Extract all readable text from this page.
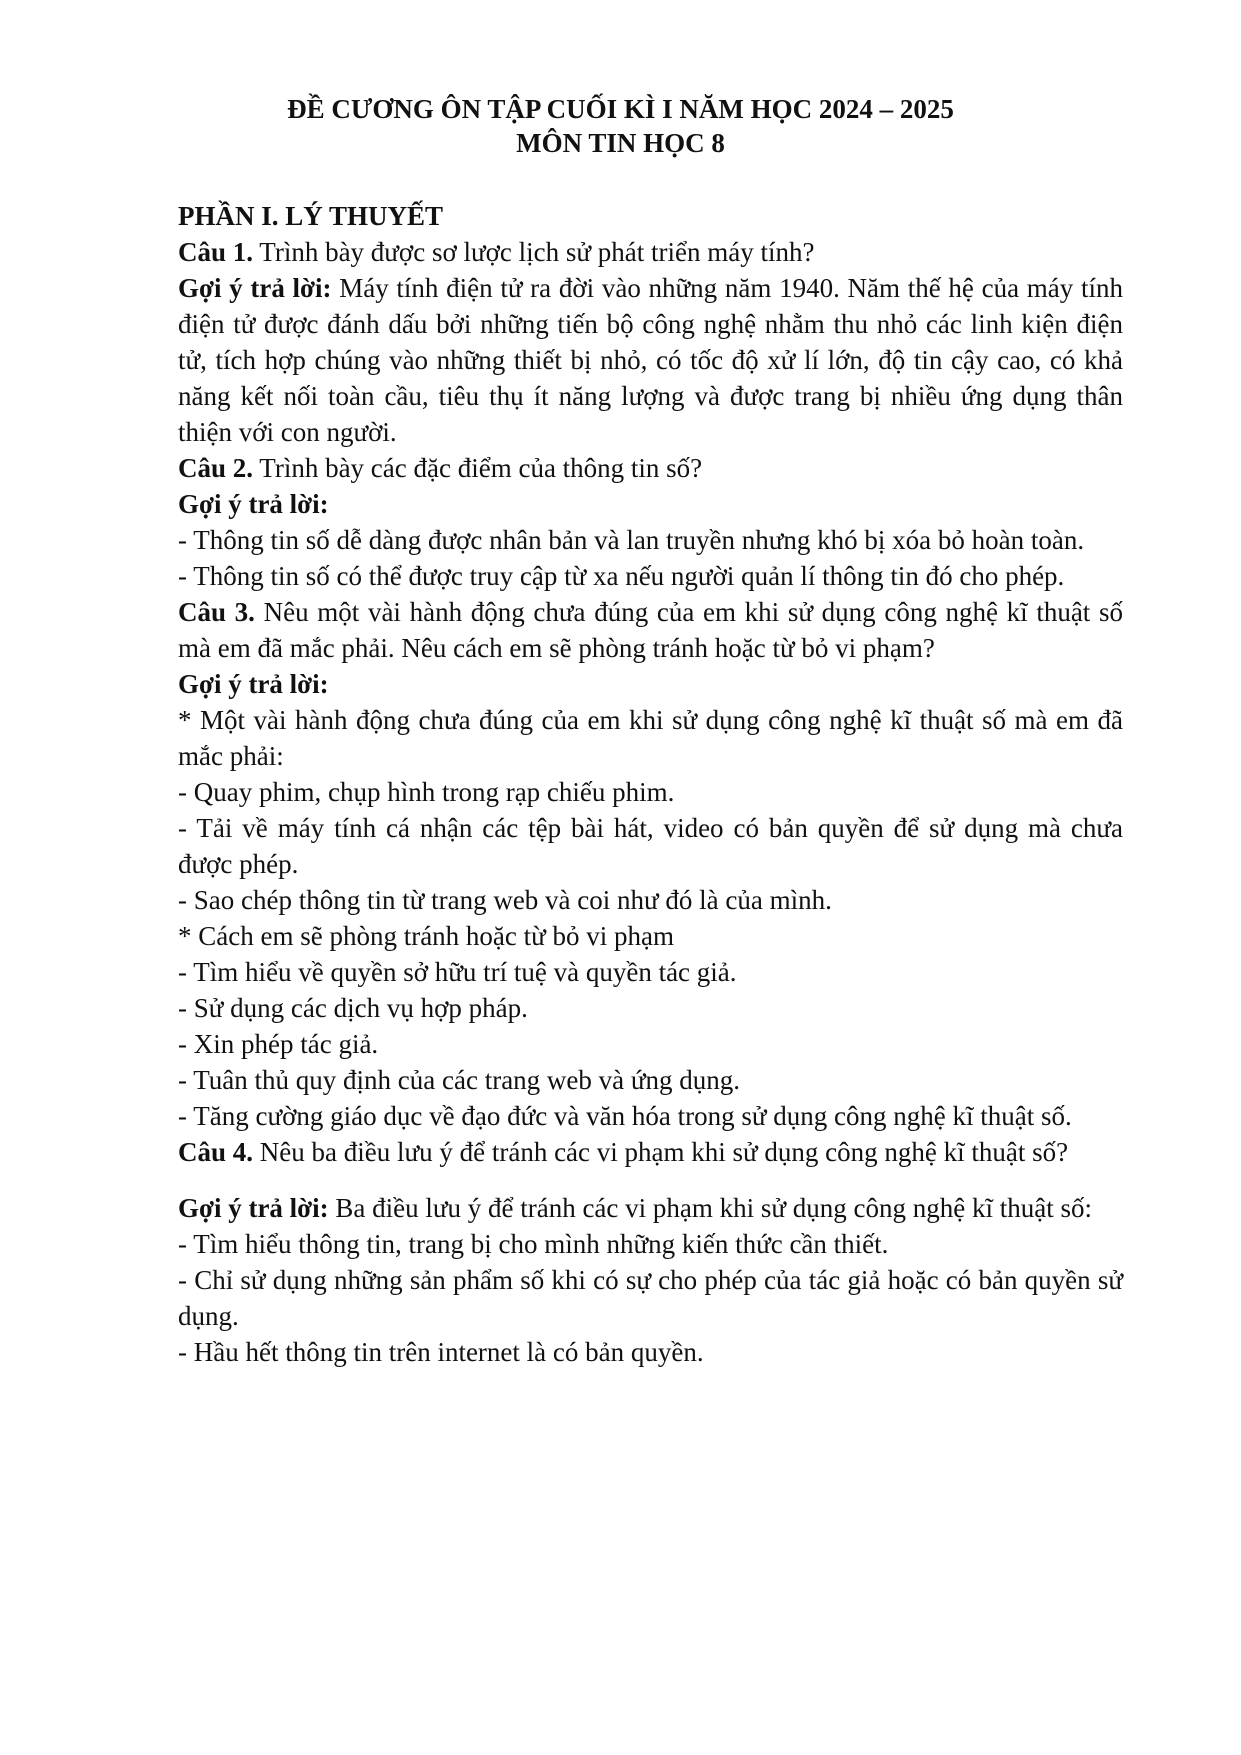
ĐỀ CƯƠNG ÔN TẬP CUỐI KÌ I NĂM HỌC 2024 – 2025

MÔN TIN HỌC 8

PHẦN I. LÝ THUYẾT

Câu 1. Trình bày được sơ lược lịch sử phát triển máy tính?

Gợi ý trả lời: Máy tính điện tử ra đời vào những năm 1940. Năm thế hệ của máy tính điện tử được đánh dấu bởi những tiến bộ công nghệ nhằm thu nhỏ các linh kiện điện tử, tích hợp chúng vào những thiết bị nhỏ, có tốc độ xử lí lớn, độ tin cậy cao, có khả năng kết nối toàn cầu, tiêu thụ ít năng lượng và được trang bị nhiều ứng dụng thân thiện với con người.

Câu 2. Trình bày các đặc điểm của thông tin số?

Gợi ý trả lời:

- Thông tin số dễ dàng được nhân bản và lan truyền nhưng khó bị xóa bỏ hoàn toàn.

- Thông tin số có thể được truy cập từ xa nếu người quản lí thông tin đó cho phép.

Câu 3. Nêu một vài hành động chưa đúng của em khi sử dụng công nghệ kĩ thuật số mà em đã mắc phải. Nêu cách em sẽ phòng tránh hoặc từ bỏ vi phạm?

Gợi ý trả lời:

* Một vài hành động chưa đúng của em khi sử dụng công nghệ kĩ thuật số mà em đã mắc phải:

- Quay phim, chụp hình trong rạp chiếu phim.

- Tải về máy tính cá nhận các tệp bài hát, video có bản quyền để sử dụng mà chưa được phép.

- Sao chép thông tin từ trang web và coi như đó là của mình.

* Cách em sẽ phòng tránh hoặc từ bỏ vi phạm

- Tìm hiểu về quyền sở hữu trí tuệ và quyền tác giả.

- Sử dụng các dịch vụ hợp pháp.

- Xin phép tác giả.

- Tuân thủ quy định của các trang web và ứng dụng.

- Tăng cường giáo dục về đạo đức và văn hóa trong sử dụng công nghệ kĩ thuật số.

Câu 4. Nêu ba điều lưu ý để tránh các vi phạm khi sử dụng công nghệ kĩ thuật số?

Gợi ý trả lời: Ba điều lưu ý để tránh các vi phạm khi sử dụng công nghệ kĩ thuật số:

- Tìm hiểu thông tin, trang bị cho mình những kiến thức cần thiết.

- Chỉ sử dụng những sản phẩm số khi có sự cho phép của tác giả hoặc có bản quyền sử dụng.

- Hầu hết thông tin trên internet là có bản quyền.
